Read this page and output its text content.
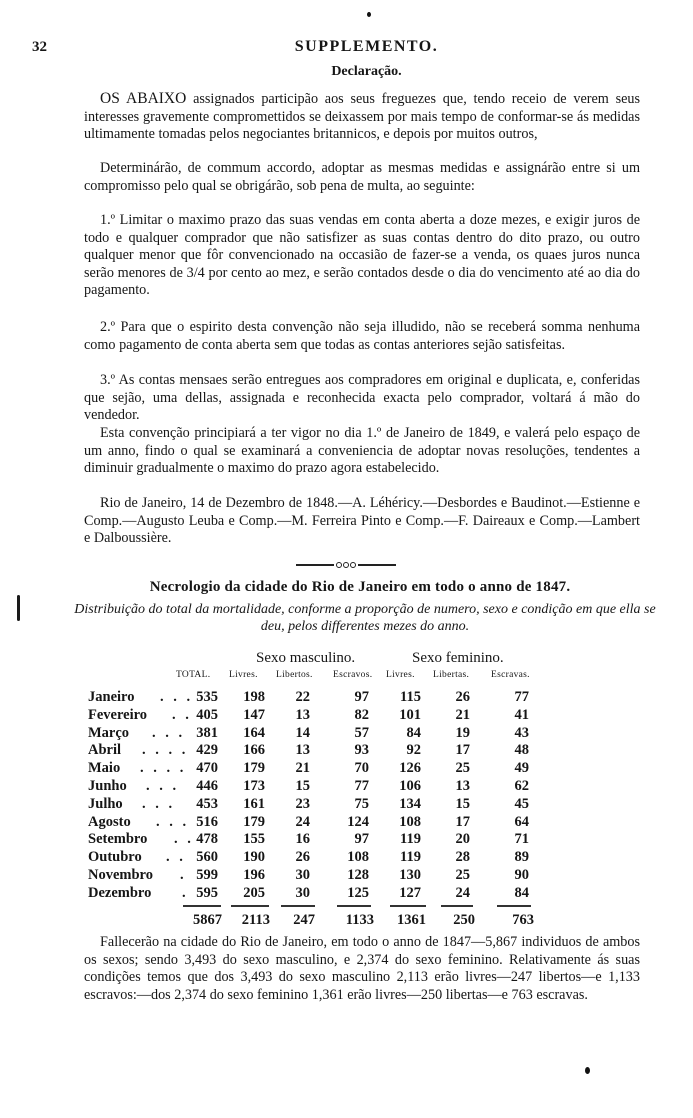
32	SUPPLEMENTO.
Declaração.

OS ABAIXO assignados participão aos seus freguezes que, tendo receio de verem seus interesses gravemente compromettidos se deixassem por mais tempo de conformar-se ás medidas ultimamente tomadas pelos negociantes britannicos, e depois por muitos outros,

Determinárão, de commum accordo, adoptar as mesmas medidas e assignárão entre si um compromisso pelo qual se obrigárão, sob pena de multa, ao seguinte:

1.º Limitar o maximo prazo das suas vendas em conta aberta a doze mezes, e exigir juros de todo e qualquer comprador que não satisfizer as suas contas dentro do dito prazo, ou outro qualquer menor que fôr convencionado na occasião de fazer-se a venda, os quaes juros nunca serão menores de 3/4 por cento ao mez, e serão contados desde o dia do vencimento até ao dia do pagamento.

2.º Para que o espirito desta convenção não seja illudido, não se receberá somma nenhuma como pagamento de conta aberta sem que todas as contas anteriores sejão satisfeitas.

3.º As contas mensaes serão entregues aos compradores em original e duplicata, e, conferidas que sejão, uma dellas, assignada e reconhecida exacta pelo comprador, voltará á mão do vendedor.

Esta convenção principiará a ter vigor no dia 1.º de Janeiro de 1849, e valerá pelo espaço de um anno, findo o qual se examinará a conveniencia de adoptar novas resoluções, tendentes a diminuir gradualmente o maximo do prazo agora estabelecido.

Rio de Janeiro, 14 de Dezembro de 1848.—A. Léhéricy.—Desbordes e Baudinot.—Estienne e Comp.—Augusto Leuba e Comp.—M. Ferreira Pinto e Comp.—F. Daireaux e Comp.—Lambert e Dalboussière.

Necrologio da cidade do Rio de Janeiro em todo o anno de 1847.
Distribuição do total da mortalidade, conforme a proporção de numero, sexo e condição em que ella se deu, pelos differentes mezes do anno.
Sexo masculino.	Sexo feminino.
TOTAL. Livres. Libertos. Escravos. Livres. Libertas. Escravas.
Janeiro . . . 535	198	22	97	115	26	77
Fevereiro . . 405	147	13	82	101	21	41
Março . . . 381	164	14	57	84	19	43
Abril . . . . 429	166	13	93	92	17	48
Maio . . . . 470	179	21	70	126	25	49
Junho . . .	446	173	15	77	106	13	62
Julho . . .	453	161	23	75	134	15	45
Agosto . . . 516	179	24	124	108	17	64
Setembro . . 478	155	16	97	119	20	71
Outubro . . 560	190	26	108	119	28	89
Novembro . 599	196	30	128	130	25	90
Dezembro . 595	205	30	125	127	24	84
5867	2113	247	1133	1361	250	763

Fallecerão na cidade do Rio de Janeiro, em todo o anno de 1847—5,867 individuos de ambos os sexos; sendo 3,493 do sexo masculino, e 2,374 do sexo feminino. Relativamente ás suas condições temos que dos 3,493 do sexo masculino 2,113 erão livres—247 libertos—e 1,133 escravos:—dos 2,374 do sexo feminino 1,361 erão livres—250 libertas—e 763 escravas.
